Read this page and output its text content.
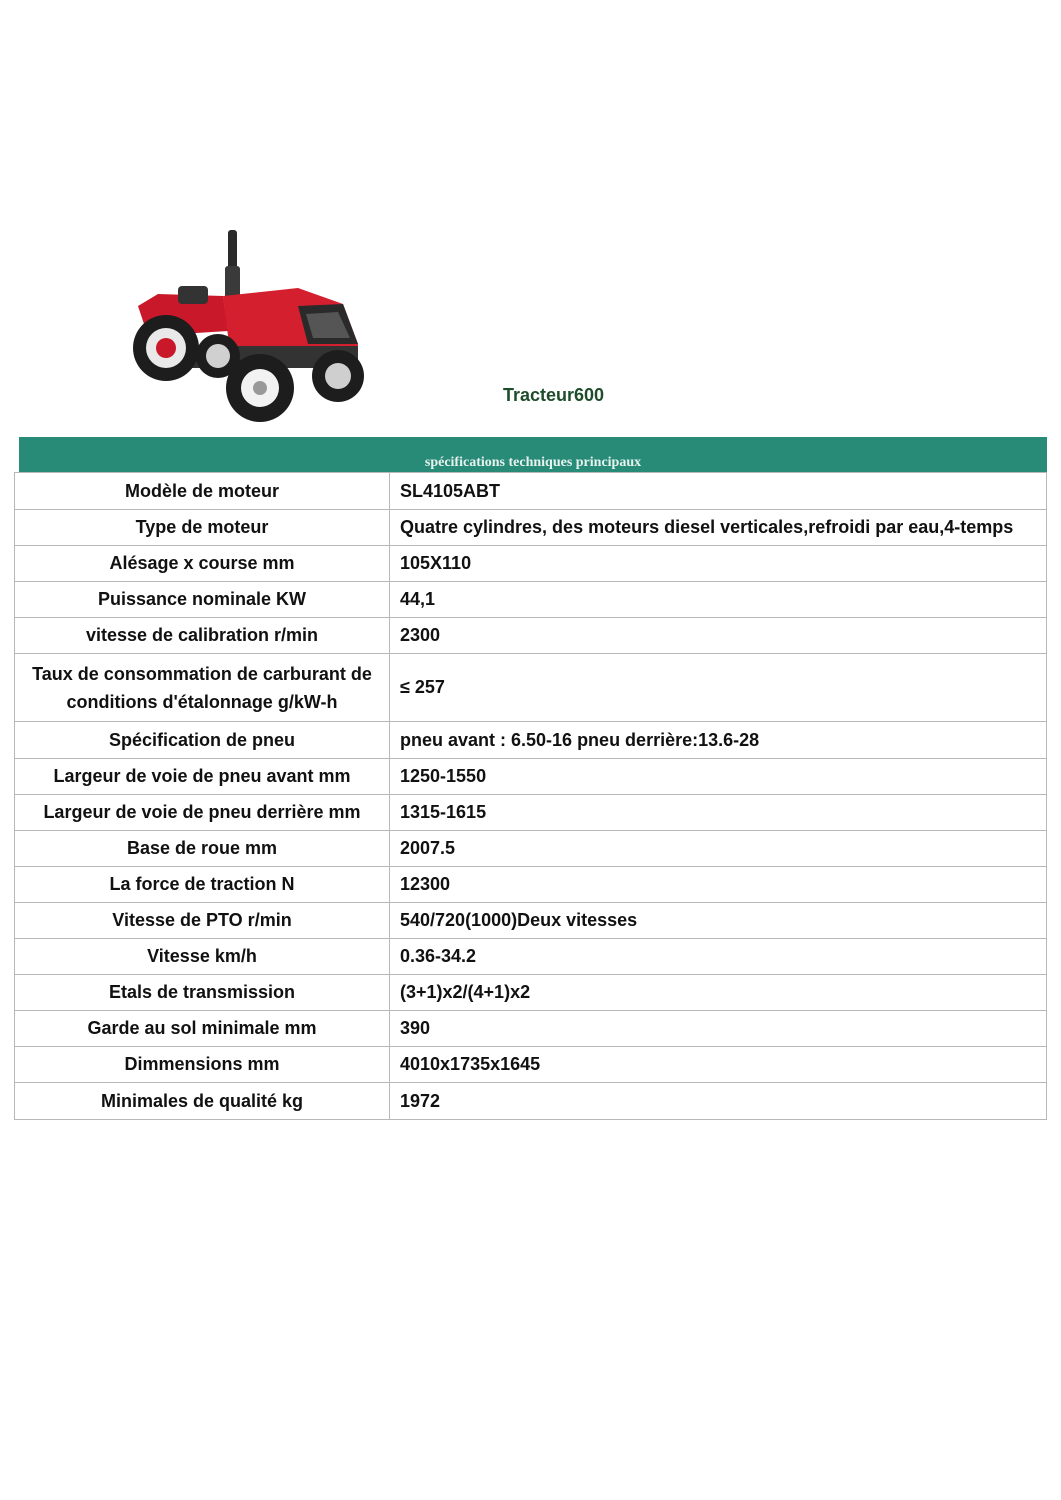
Tracteur600
spécifications techniques principaux
Modèle de moteur	SL4105ABT
Type de moteur	Quatre cylindres, des moteurs diesel verticales,refroidi par eau,4-temps
Alésage x course mm	105X110
Puissance nominale KW	44,1
vitesse de calibration r/min	2300
Taux de consommation de carburant de conditions d'étalonnage g/kW-h	≤ 257
Spécification de pneu	pneu avant : 6.50-16 pneu derrière:13.6-28
Largeur de voie de pneu avant mm	1250-1550
Largeur de voie de pneu derrière mm	1315-1615
Base de roue mm	2007.5
La force de traction N	12300
Vitesse de PTO r/min	540/720(1000)Deux vitesses
Vitesse km/h	0.36-34.2
Etals de transmission	(3+1)x2/(4+1)x2
Garde au sol minimale mm	390
Dimmensions mm	4010x1735x1645
Minimales de qualité kg	1972
